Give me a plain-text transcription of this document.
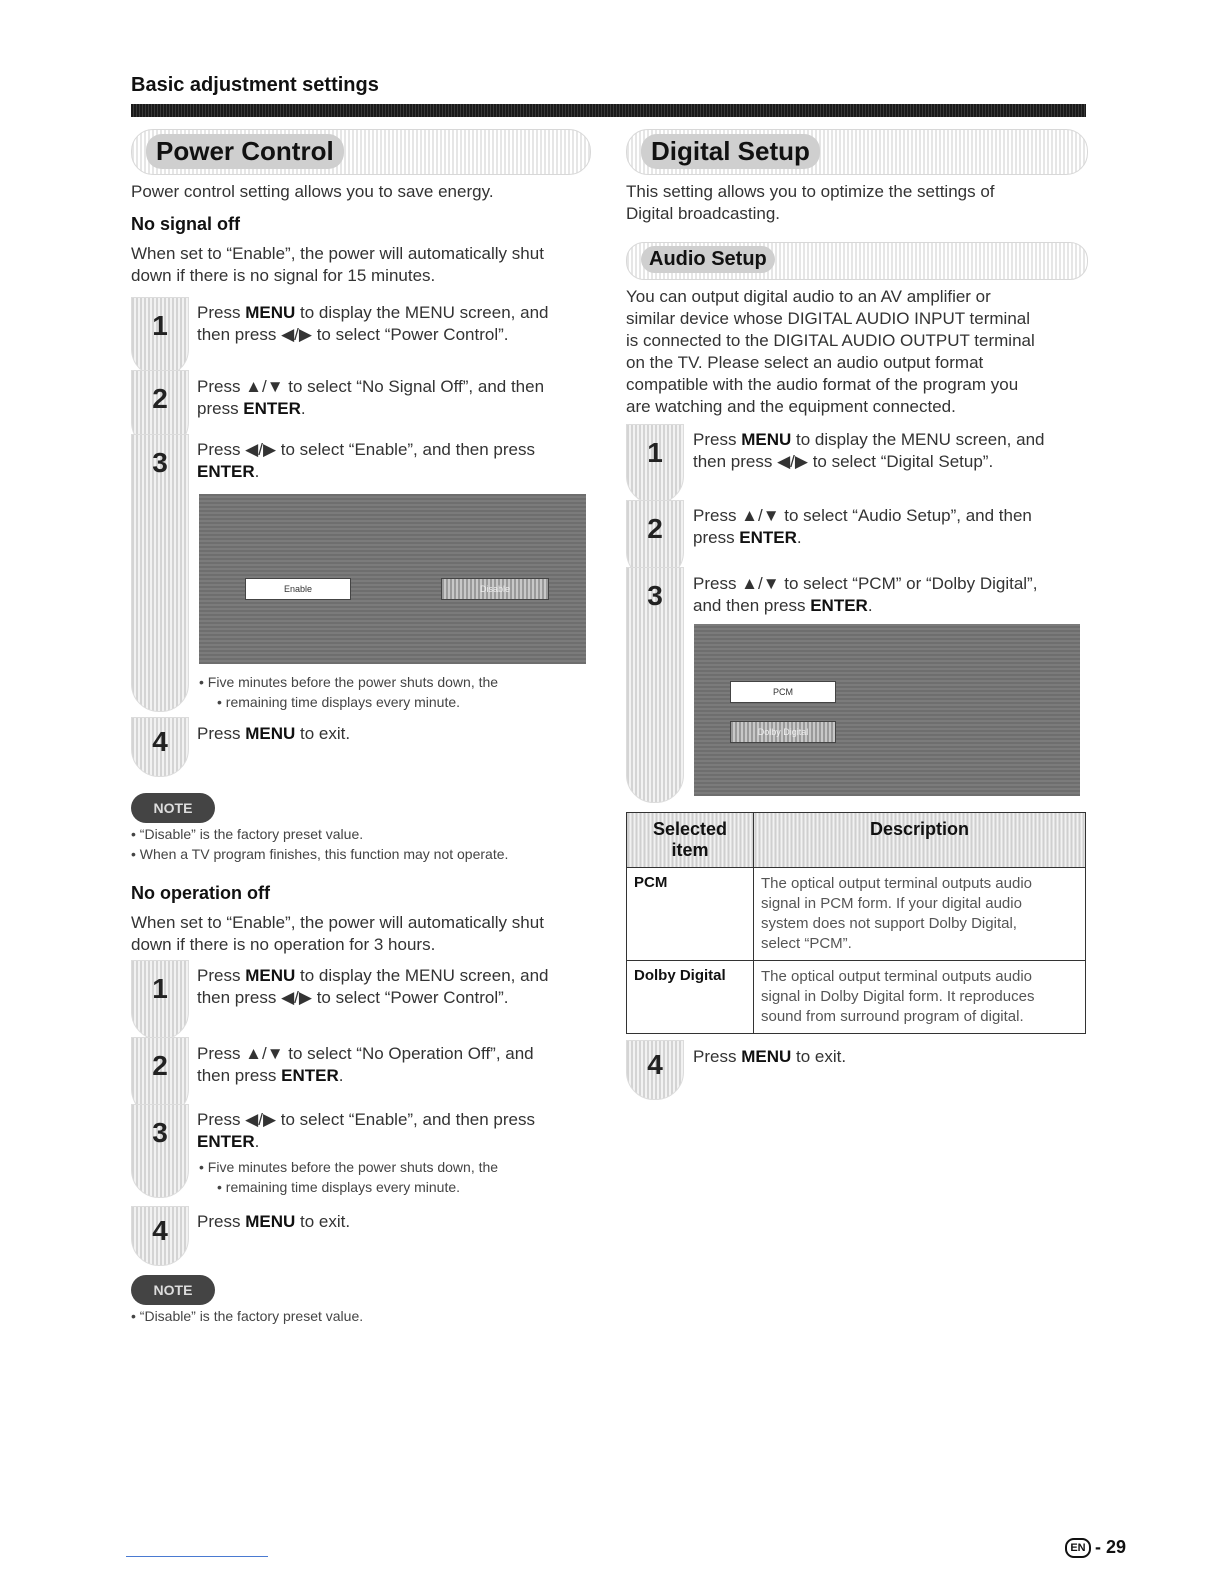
Basic adjustment settings
Power Control
Power control setting allows you to save energy.
No signal off
When set to “Enable”, the power will automatically shut
down if there is no signal for 15 minutes.
1	Press MENU to display the MENU screen, and
then press ◀/▶ to select “Power Control”.
2	Press ▲/▼ to select “No Signal Off”, and then
press ENTER.
3	Press ◀/▶ to select “Enable”, and then press
ENTER.
Enable	Disable
• Five minutes before the power shuts down, the
• remaining time displays every minute.
4	Press MENU to exit.
NOTE
• “Disable” is the factory preset value.
• When a TV program finishes, this function may not operate.
No operation off
When set to “Enable”, the power will automatically shut
down if there is no operation for 3 hours.
1	Press MENU to display the MENU screen, and
then press ◀/▶ to select “Power Control”.
2	Press ▲/▼ to select “No Operation Off”, and
then press ENTER.
3	Press ◀/▶ to select “Enable”, and then press
ENTER.
• Five minutes before the power shuts down, the
• remaining time displays every minute.
4	Press MENU to exit.
NOTE
• “Disable” is the factory preset value.
Digital Setup
This setting allows you to optimize the settings of
Digital broadcasting.
Audio Setup
You can output digital audio to an AV amplifier or
similar device whose DIGITAL AUDIO INPUT terminal
is connected to the DIGITAL AUDIO OUTPUT terminal
on the TV. Please select an audio output format
compatible with the audio format of the program you
are watching and the equipment connected.
1	Press MENU to display the MENU screen, and
then press ◀/▶ to select “Digital Setup”.
2	Press ▲/▼ to select “Audio Setup”, and then
press ENTER.
3	Press ▲/▼ to select “PCM” or “Dolby Digital”,
and then press ENTER.
PCM
Dolby Digital
Selected item	Description
PCM	The optical output terminal outputs audio
signal in PCM form. If your digital audio
system does not support Dolby Digital,
select “PCM”.

Dolby Digital	The optical output terminal outputs audio
signal in Dolby Digital form. It reproduces
sound from surround program of digital.
4	Press MENU to exit.
EN - 29
